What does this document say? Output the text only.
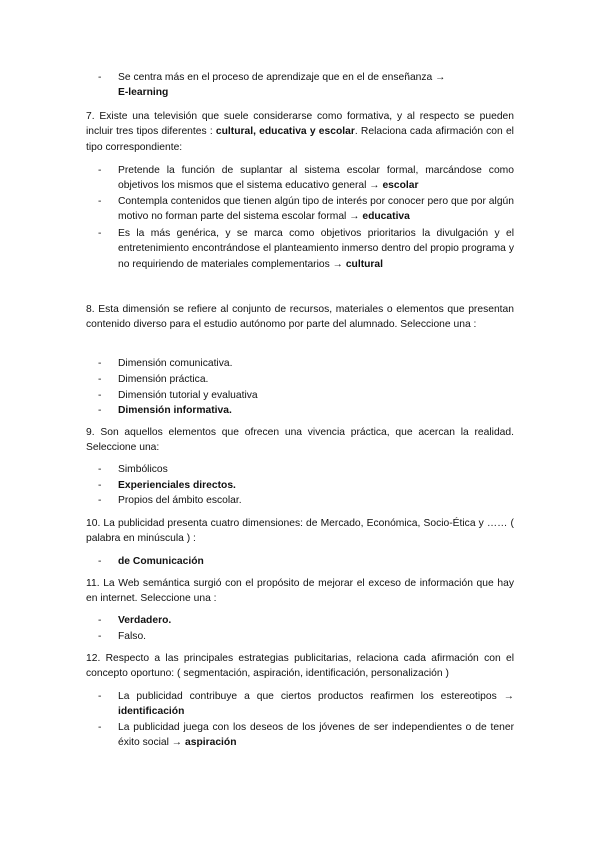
-	Se centra más en el proceso de aprendizaje que en el de enseñanza →
E-learning

7. Existe una televisión que suele considerarse como formativa, y al respecto se pueden incluir tres tipos diferentes : cultural, educativa y escolar. Relaciona cada afirmación con el tipo correspondiente:

-	Pretende la función de suplantar al sistema escolar formal, marcándose como objetivos los mismos que el sistema educativo general → escolar

-	Contempla contenidos que tienen algún tipo de interés por conocer pero que por algún motivo no forman parte del sistema escolar formal → educativa

-	Es la más genérica, y se marca como objetivos prioritarios la divulgación y el entretenimiento encontrándose el planteamiento inmerso dentro del propio programa y no requiriendo de materiales complementarios → cultural

8. Esta dimensión se refiere al conjunto de recursos, materiales o elementos que presentan contenido diverso para el estudio autónomo por parte del alumnado. Seleccione una :

-	Dimensión comunicativa.

-	Dimensión práctica.

-	Dimensión tutorial y evaluativa

-	Dimensión informativa.

9. Son aquellos elementos que ofrecen una vivencia práctica, que acercan la realidad. Seleccione una:

-	Simbólicos

-	Experienciales directos.

-	Propios del ámbito escolar.

10. La publicidad presenta cuatro dimensiones: de Mercado, Económica, Socio-Ética y …… ( palabra en minúscula ) :

-	de Comunicación

11. La Web semántica surgió con el propósito de mejorar el exceso de información que hay en internet. Seleccione una :

-	Verdadero.

-	Falso.

12. Respecto a las principales estrategias publicitarias, relaciona cada afirmación con el concepto oportuno: ( segmentación, aspiración, identificación, personalización )

-	La publicidad contribuye a que ciertos productos reafirmen los estereotipos → identificación

-	La publicidad juega con los deseos de los jóvenes de ser independientes o de tener éxito social → aspiración
